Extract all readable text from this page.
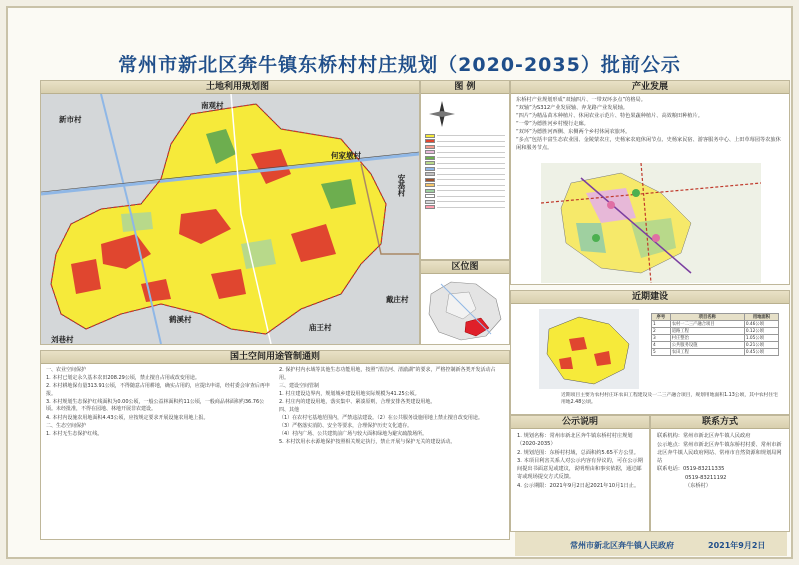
常州市新北区奔牛镇东桥村村庄规划（2020-2035）批前公示
土地利用规划图
南观村
新市村
何家墩村
安基村
鹤溪村
戴庄村
庙王村
刘巷村
图 例
区位图
产业发展

东桥村产业规划形成“双轴四片、一带双环多点”的格局。

“双轴”为S312产业发展轴、奔龙路产业发展轴。

“四片”为精品苗木种植片、休闲农业示范片、特色果蔬种植片、高效粮田种植片。

“一带”为德胜河乡村慢行走廊。

“双环”为德胜河西侧、东侧两个乡村休闲农旅环。

“多点”包括丰富生态农业园、金陵蒙农庄，史杨家农庭休闲节点、史杨家民宿、游客服务中心、上田草莓园等农旅休闲和服务节点。

近期建设
序号	项目名称	用地面积
1	农村一二三产融合项目	0.46公顷
2	道路工程	0.12公顷
3	村庄整治	1.05公顷
4	公共服务设施	0.21公顷
5	农田工程	0.45公顷
近期项目主要为农村村庄环农田工程建设及一二三产融合项目，规划用地面积1.13公顷，其中农村住宅用地2.48公顷。
国土空间用途管制通则

一、农业空间保护

1. 本村已划定永久基本农田208.29公顷，禁止擅自占用或改变用途。

2. 本村耕地保有量313.91公顷，不得随意占用耕地，确实占用的，应提出申请，经村委会审查后再申报。

3. 本村规划生态保护红线面积为0.00公顷，一般公益林面积约11公顷，一般商品林面积约36.76公顷。未经批准，不得在园地、林地开展非农建设。

4. 本村内设施农用地面积4.43公顷，应按规定要求开展设施农用地上报。

二、生态空间保护

1. 本村无生态保护红线。

2. 保护村内水域等其他生态功能用地，按照“清洁河、清澈湖”的要求，严格控制新各类开发活动占用。

三、建设空间管制

1. 村庄建设边界内，规划城乡建设用地实际规模为41.25公顷。

2. 村庄内的建设用地，落实集中、紧凑原则，合理安排各类建设用地。

四、其他

（1）在农村宅基地范围内，严禁违法建设。（2）在公共服务设施用地上禁止擅自改变用途。

（3）严格落实消防、安全等要求，合理保护历史文化遗存。

（4）村内广场、公共建筑前广场与较大面积绿地为避灾疏散场所。

5. 本村饮用水水源地保护按照相关规定执行，禁止开展与保护无关的建设活动。

公示说明

1. 规划名称：常州市新北区奔牛镇东桥村村庄规划（2020-2035）

2. 规划范围：东桥村村域，总面积约5.65平方公里。

3. 本项目利害关系人对公示内容有异议的，可在公示期间提出书面意见或建议，说明理由和事实依据，通过邮寄或现场提交方式反馈。

4. 公示期限：2021年9月2日起2021年10月1日止。

联系方式

联系机构：常州市新北区奔牛镇人民政府

公示地点：常州市新北区奔牛镇东桥村村委、常州市新北区奔牛镇人民政府网站、常州市自然资源和规划局网站

联系电话：0519-83211335

0519-83211192

（东桥村）

常州市新北区奔牛镇人民政府	2021年9月2日
